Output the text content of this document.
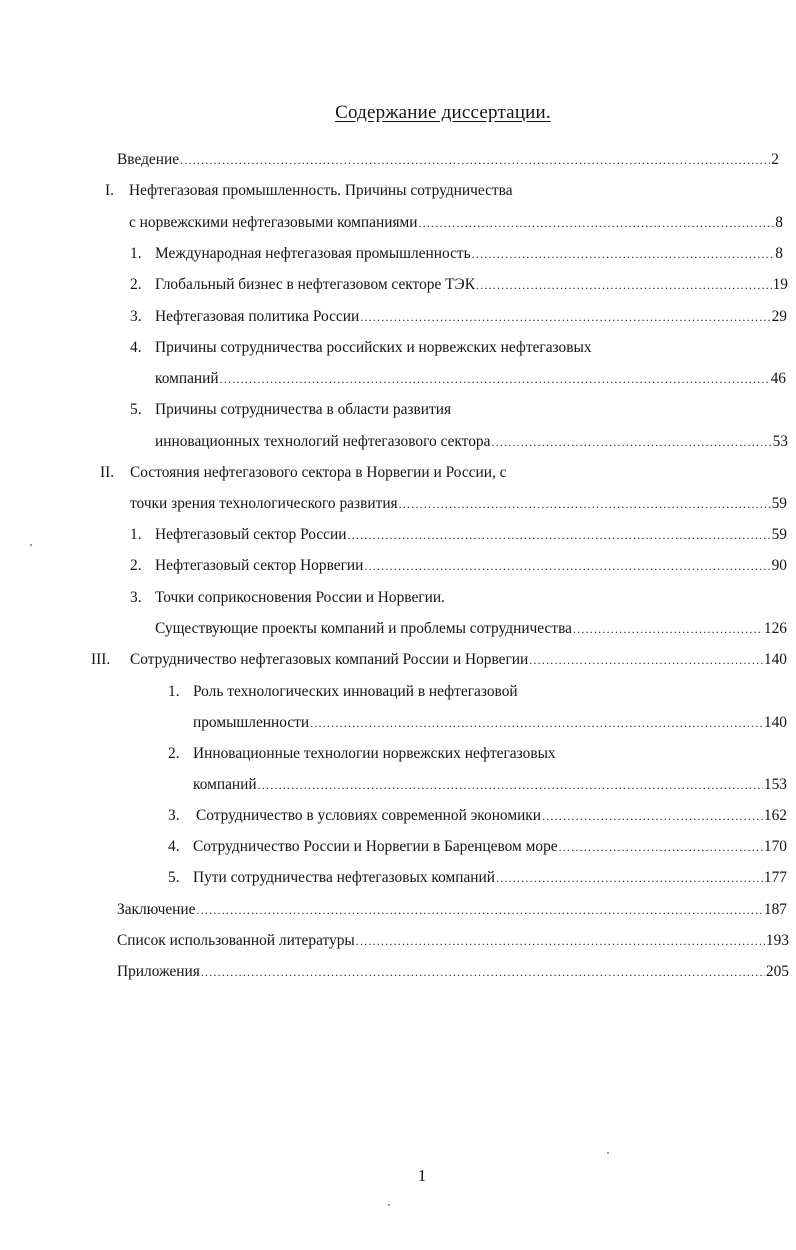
Содержание диссертации.
Введение .....	2
I. Нефтегазовая промышленность. Причины сотрудничества
с норвежскими нефтегазовыми компаниями .....	8
1. Международная нефтегазовая промышленность .....	8
2. Глобальный бизнес в нефтегазовом секторе ТЭК .....	19
3. Нефтегазовая политика России .....	29
4. Причины сотрудничества российских и норвежских нефтегазовых
компаний .....	46
5. Причины сотрудничества в области развития
инновационных технологий нефтегазового сектора .....	53
II. Состояния нефтегазового сектора в Норвегии и России, с
точки зрения технологического развития .....	59
1. Нефтегазовый сектор России .....	59
2. Нефтегазовый сектор Норвегии .....	90
3. Точки соприкосновения России и Норвегии.
Существующие проекты компаний и проблемы сотрудничества .....	126
III. Сотрудничество нефтегазовых компаний России и Норвегии .....	140
1. Роль технологических инноваций в нефтегазовой
промышленности .....	140
2. Инновационные технологии норвежских нефтегазовых
компаний .....	153
3. Сотрудничество в условиях современной экономики .....	162
4. Сотрудничество России и Норвегии в Баренцевом море .....	170
5. Пути сотрудничества нефтегазовых компаний .....	177
Заключение .....	187
Список использованной литературы .....	193
Приложения .....	205
1
